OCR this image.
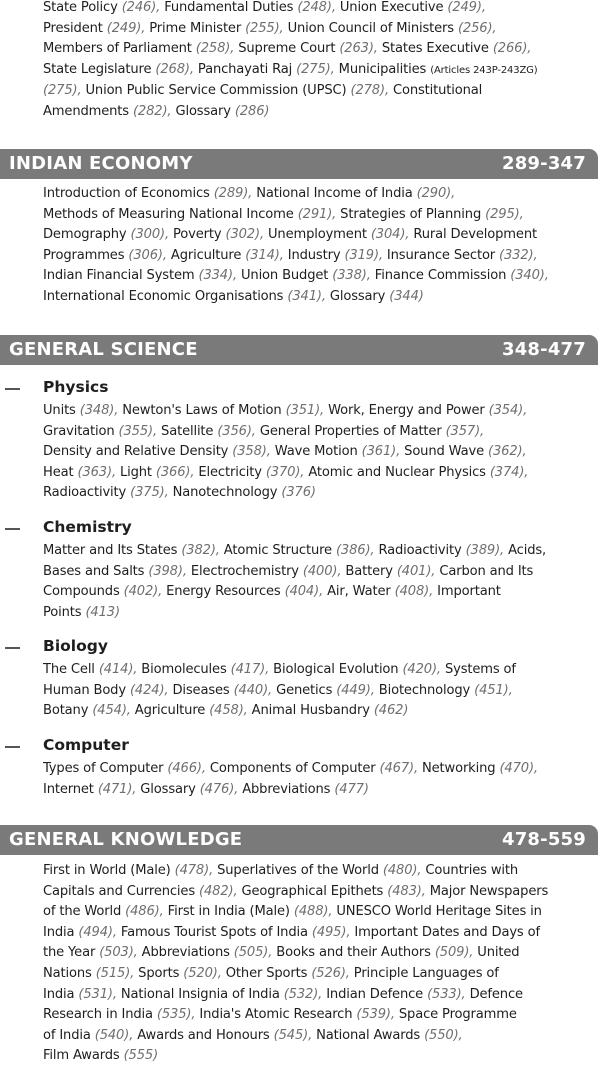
State Policy (246), Fundamental Duties (248), Union Executive (249),
President (249), Prime Minister (255), Union Council of Ministers (256),
Members of Parliament (258), Supreme Court (263), States Executive (266),
State Legislature (268), Panchayati Raj (275), Municipalities (Articles 243P-243ZG)
(275), Union Public Service Commission (UPSC) (278), Constitutional
Amendments (282), Glossary (286)
INDIAN ECONOMY	289-347
Introduction of Economics (289), National Income of India (290),
Methods of Measuring National Income (291), Strategies of Planning (295),
Demography (300), Poverty (302), Unemployment (304), Rural Development
Programmes (306), Agriculture (314), Industry (319), Insurance Sector (332),
Indian Financial System (334), Union Budget (338), Finance Commission (340),
International Economic Organisations (341), Glossary (344)
GENERAL SCIENCE	348-477
Physics
Units (348), Newton's Laws of Motion (351), Work, Energy and Power (354),
Gravitation (355), Satellite (356), General Properties of Matter (357),
Density and Relative Density (358), Wave Motion (361), Sound Wave (362),
Heat (363), Light (366), Electricity (370), Atomic and Nuclear Physics (374),
Radioactivity (375), Nanotechnology (376)
Chemistry
Matter and Its States (382), Atomic Structure (386), Radioactivity (389), Acids,
Bases and Salts (398), Electrochemistry (400), Battery (401), Carbon and Its
Compounds (402), Energy Resources (404), Air, Water (408), Important
Points (413)
Biology
The Cell (414), Biomolecules (417), Biological Evolution (420), Systems of
Human Body (424), Diseases (440), Genetics (449), Biotechnology (451),
Botany (454), Agriculture (458), Animal Husbandry (462)
Computer
Types of Computer (466), Components of Computer (467), Networking (470),
Internet (471), Glossary (476), Abbreviations (477)
GENERAL KNOWLEDGE	478-559
First in World (Male) (478), Superlatives of the World (480), Countries with
Capitals and Currencies (482), Geographical Epithets (483), Major Newspapers
of the World (486), First in India (Male) (488), UNESCO World Heritage Sites in
India (494), Famous Tourist Spots of India (495), Important Dates and Days of
the Year (503), Abbreviations (505), Books and their Authors (509), United
Nations (515), Sports (520), Other Sports (526), Principle Languages of
India (531), National Insignia of India (532), Indian Defence (533), Defence
Research in India (535), India's Atomic Research (539), Space Programme
of India (540), Awards and Honours (545), National Awards (550),
Film Awards (555)
